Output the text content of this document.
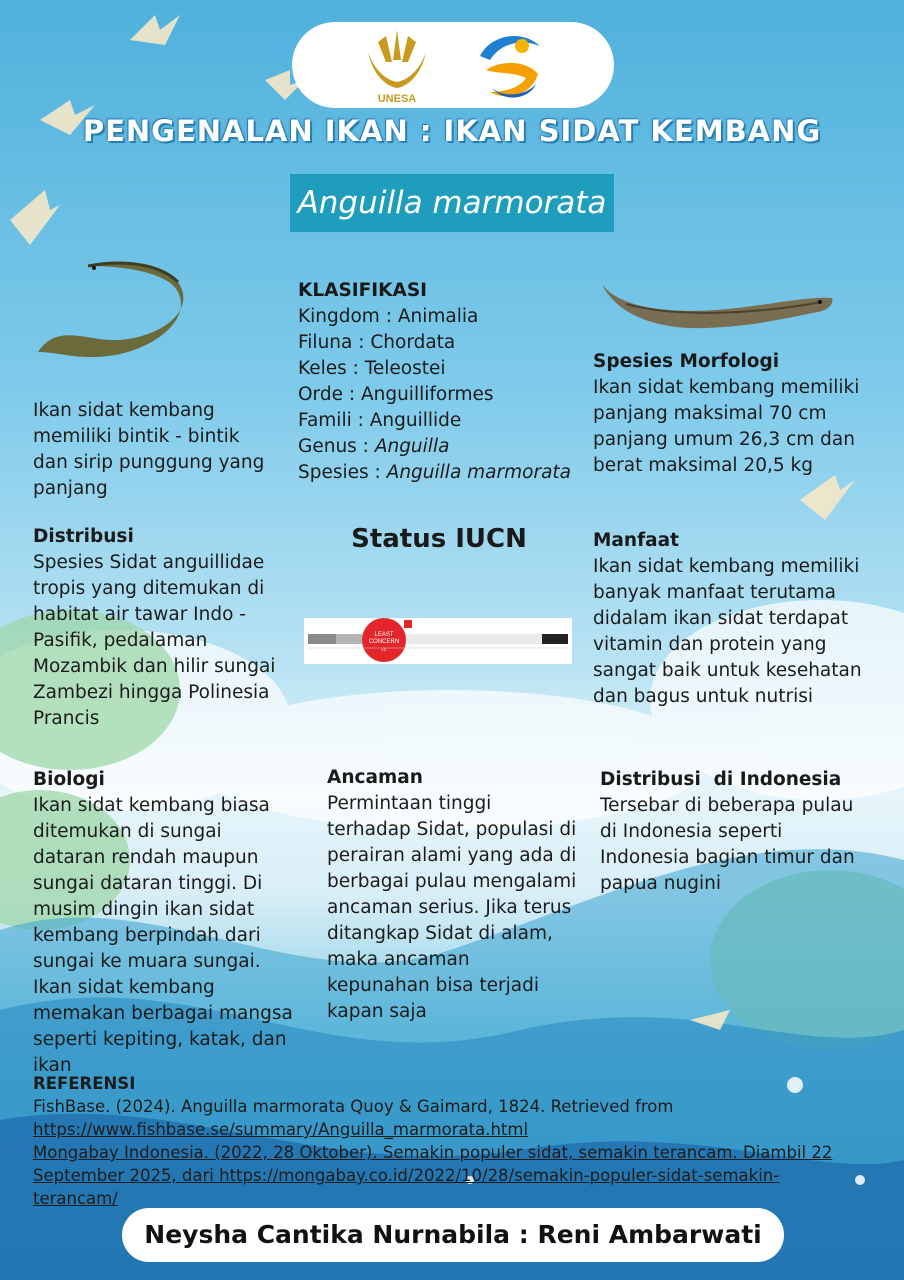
UNESA
PENGENALAN IKAN : IKAN SIDAT KEMBANG
Anguilla marmorata

Ikan sidat kembang memiliki bintik - bintik dan sirip punggung yang panjang

KLASIFIKASI
Kingdom : Animalia
Filuna : Chordata
Keles : Teleostei
Orde : Anguilliformes
Famili : Anguillide
Genus : Anguilla
Spesies : Anguilla marmorata
Spesies Morfologi

Ikan sidat kembang memiliki panjang maksimal 70 cm panjang umum 26,3 cm dan berat maksimal 20,5 kg

Distribusi

Spesies Sidat anguillidae tropis yang ditemukan di habitat air tawar Indo - Pasifik, pedalaman Mozambik dan hilir sungai Zambezi hingga Polinesia Prancis

Status IUCN
LEAST
CONCERN
LC
Manfaat

Ikan sidat kembang memiliki banyak manfaat terutama didalam ikan sidat terdapat vitamin dan protein yang sangat baik untuk kesehatan dan bagus untuk nutrisi

Biologi

Ikan sidat kembang biasa ditemukan di sungai dataran rendah maupun sungai dataran tinggi. Di musim dingin ikan sidat kembang berpindah dari sungai ke muara sungai. Ikan sidat kembang memakan berbagai mangsa seperti kepiting, katak, dan ikan

Ancaman

Permintaan tinggi terhadap Sidat, populasi di perairan alami yang ada di berbagai pulau mengalami ancaman serius. Jika terus ditangkap Sidat di alam, maka ancaman kepunahan bisa terjadi kapan saja

Distribusi  di Indonesia

Tersebar di beberapa pulau di Indonesia seperti Indonesia bagian timur dan papua nugini

REFERENSI
FishBase. (2024). Anguilla marmorata Quoy & Gaimard, 1824. Retrieved from
https://www.fishbase.se/summary/Anguilla_marmorata.html
Mongabay Indonesia. (2022, 28 Oktober). Semakin populer sidat, semakin terancam. Diambil 22
September 2025, dari https://mongabay.co.id/2022/10/28/semakin-populer-sidat-semakin-
terancam/
Neysha Cantika Nurnabila : Reni Ambarwati
